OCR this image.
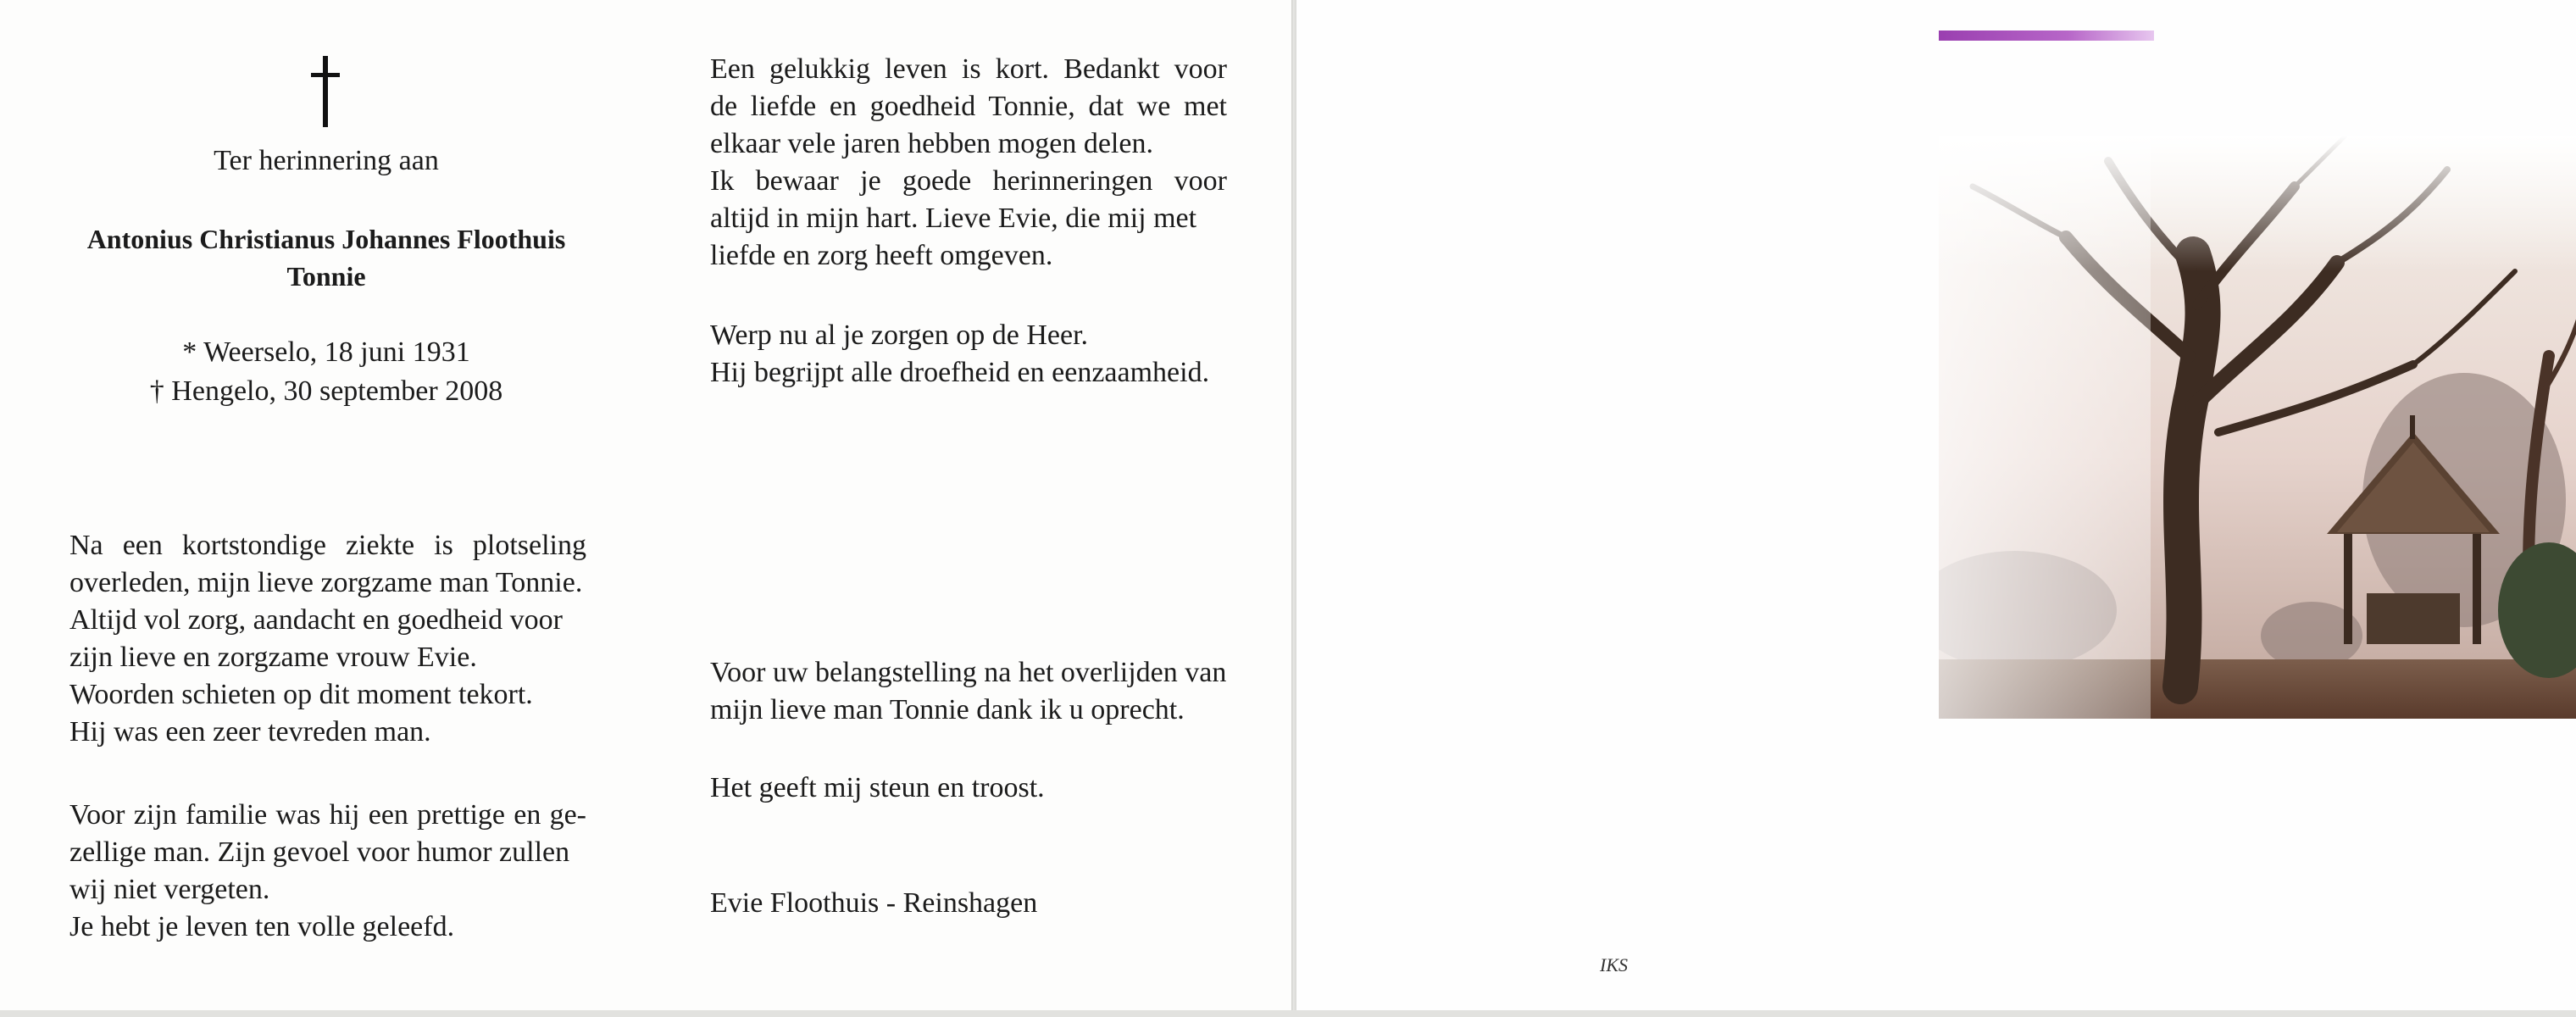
Ter herinnering aan
Antonius Christianus Johannes Floothuis
Tonnie
* Weerselo, 18 juni 1931
† Hengelo, 30 september 2008
Na een kortstondige ziekte is plotseling
overleden, mijn lieve zorgzame man Tonnie.
Altijd vol zorg, aandacht en goedheid voor
zijn lieve en zorgzame vrouw Evie.
Woorden schieten op dit moment tekort.
Hij was een zeer tevreden man.
Voor zijn familie was hij een prettige en ge-
zellige man. Zijn gevoel voor humor zullen
wij niet vergeten.
Je hebt je leven ten volle geleefd.
Een gelukkig leven is kort. Bedankt voor
de liefde en goedheid Tonnie, dat we met
elkaar vele jaren hebben mogen delen.
Ik bewaar je goede herinneringen voor
altijd in mijn hart. Lieve Evie, die mij met
liefde en zorg heeft omgeven.
Werp nu al je zorgen op de Heer.
Hij begrijpt alle droefheid en eenzaamheid.
Voor uw belangstelling na het overlijden van
mijn lieve man Tonnie dank ik u oprecht.
Het geeft mij steun en troost.
Evie Floothuis - Reinshagen
IKS
